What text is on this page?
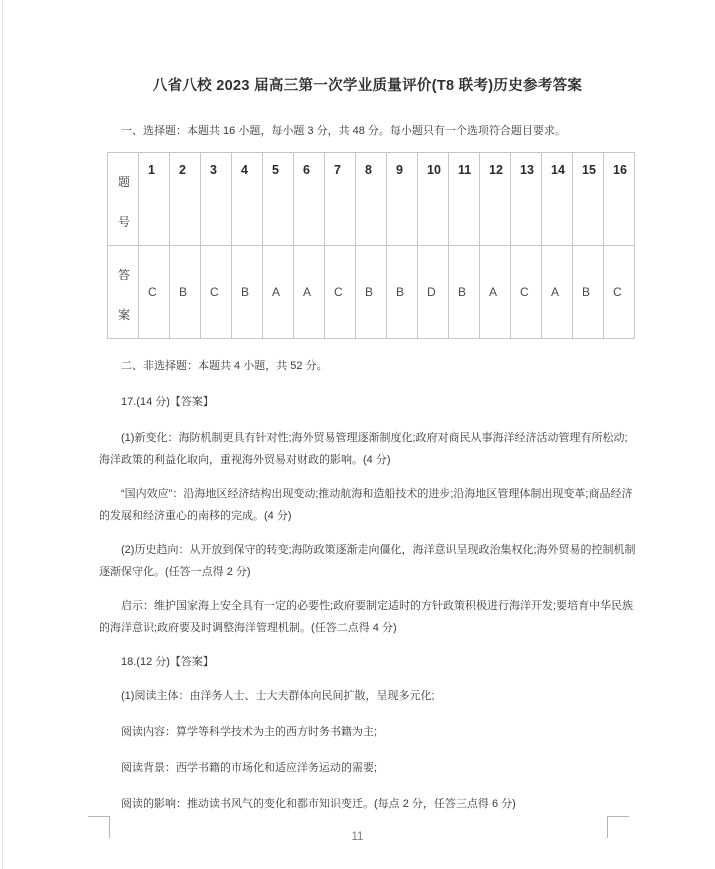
八省八校 2023 届高三第一次学业质量评价(T8 联考)历史参考答案
一、选择题：本题共 16 小题，每小题 3 分，共 48 分。每小题只有一个选项符合题目要求。
题号	1	2	3	4	5	6	7	8	9	10	11	12	13	14	15	16
答案	C	B	C	B	A	A	C	B	B	D	B	A	C	A	B	C
二、非选择题：本题共 4 小题，共 52 分。
17.(14 分)【答案】
(1)新变化：海防机制更具有针对性;海外贸易管理逐渐制度化;政府对商民从事海洋经济活动管理有所松动;海洋政策的利益化取向，重视海外贸易对财政的影响。(4 分)
“国内效应”：沿海地区经济结构出现变动;推动航海和造船技术的进步;沿海地区管理体制出现变革;商品经济的发展和经济重心的南移的完成。(4 分)
(2)历史趋向：从开放到保守的转变;海防政策逐渐走向僵化，海洋意识呈现政治集权化;海外贸易的控制机制逐渐保守化。(任答一点得 2 分)
启示：维护国家海上安全具有一定的必要性;政府要制定适时的方针政策积极进行海洋开发;要培育中华民族的海洋意识;政府要及时调整海洋管理机制。(任答二点得 4 分)
18.(12 分)【答案】
(1)阅读主体：由洋务人士、士大夫群体向民间扩散，呈现多元化;
阅读内容：算学等科学技术为主的西方时务书籍为主;
阅读背景：西学书籍的市场化和适应洋务运动的需要;
阅读的影响：推动读书风气的变化和都市知识变迁。(每点 2 分，任答三点得 6 分)
11
